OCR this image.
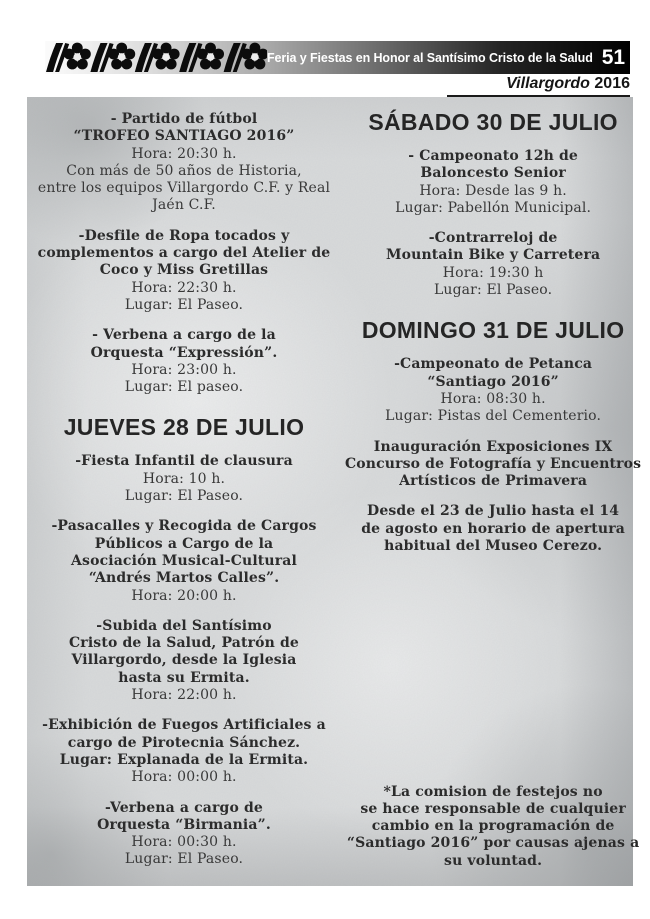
Feria y Fiestas en Honor al Santísimo Cristo de la Salud 51
Villargordo 2016
- Partido de fútbol
“TROFEO SANTIAGO 2016”
Hora: 20:30 h.
Con más de 50 años de Historia,
entre los equipos Villargordo C.F. y Real
Jaén C.F.
-Desfile de Ropa tocados y
complementos a cargo del Atelier de
Coco y Miss Gretillas
Hora: 22:30 h.
Lugar: El Paseo.
- Verbena a cargo de la
Orquesta “Expressión”.
Hora: 23:00 h.
Lugar: El paseo.
JUEVES 28 DE JULIO
-Fiesta Infantil de clausura
Hora: 10 h.
Lugar: El Paseo.
-Pasacalles y Recogida de Cargos
Públicos a Cargo de la
Asociación Musical-Cultural
“Andrés Martos Calles”.
Hora: 20:00 h.
-Subida del Santísimo
Cristo de la Salud, Patrón de
Villargordo, desde la Iglesia
hasta su Ermita.
Hora: 22:00 h.
-Exhibición de Fuegos Artificiales a
cargo de Pirotecnia Sánchez.
Lugar: Explanada de la Ermita.
Hora: 00:00 h.
-Verbena a cargo de
Orquesta “Birmania”.
Hora: 00:30 h.
Lugar: El Paseo.
SÁBADO 30 DE JULIO
- Campeonato 12h de
Baloncesto Senior
Hora: Desde las 9 h.
Lugar: Pabellón Municipal.
-Contrarreloj de
Mountain Bike y Carretera
Hora: 19:30 h
Lugar: El Paseo.
DOMINGO 31 DE JULIO
-Campeonato de Petanca
“Santiago 2016”
Hora: 08:30 h.
Lugar: Pistas del Cementerio.
Inauguración Exposiciones IX
Concurso de Fotografía y Encuentros
Artísticos de Primavera
Desde el 23 de Julio hasta el 14
de agosto en horario de apertura
habitual del Museo Cerezo.
*La comision de festejos no
se hace responsable de cualquier
cambio en la programación de
“Santiago 2016” por causas ajenas a
su voluntad.
